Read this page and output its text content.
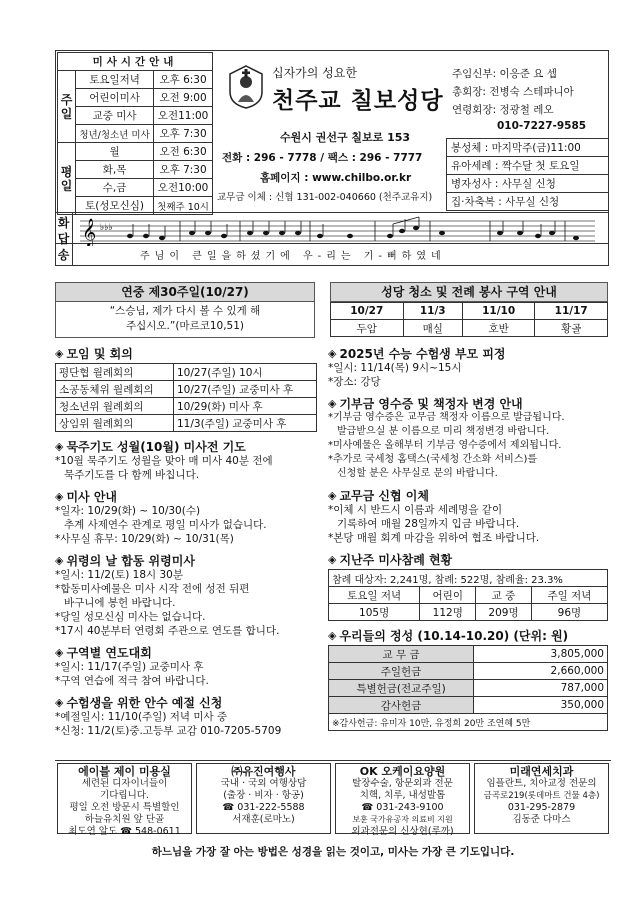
미사시간안내		
주일	토요일저녁	오후 6:30
	어린이미사	오전 9:00
	교중 미사	오전11:00
	청년/청소년 미사	오후 7:30
평일	월	오전 6:30
	화,목	오후 7:30
	수,금	오전10:00
	토(성모신심)	첫째주 10시
십자가의 성요한
천주교 칠보성당
수원시 권선구 칠보로 153
전화 : 296 - 7778 / 팩스 : 296 - 7777
홈페이지 : www.chilbo.or.kr
교무금 이체 : 신협 131-002-040660 (천주교유지)
주임신부: 이응준 요 셉
총회장: 전병숙 스테파니아
연령회장: 정광철 레오
010-7227-9585
봉성체 : 마지막주(금)11:00
유아세례 : 짝수달 첫 토요일
병자성사 : 사무실 신청
집·차축복 : 사무실 신청
화답송
𝄞 ♭♭♭
주님이 큰일을하셨기에 우-리는 기-뻐하였네
연중 제30주일(10/27)
“스승님, 제가 다시 볼 수 있게 해
주십시오.”(마르코10,51)
성당 청소 및 전례 봉사 구역 안내
10/27	11/3	11/10	11/17
두암	매실	호반	황골
◈ 모임 및 회의
평단협 월례회의	10/27(주일) 10시
소공동체위 월례회의	10/27(주일) 교중미사 후
청소년위 월례회의	10/29(화) 미사 후
상임위 월례회의	11/3(주일) 교중미사 후
◈ 묵주기도 성월(10월) 미사전 기도
*10월 묵주기도 성월을 맞아 매 미사 40분 전에
묵주기도를 다 함께 바칩니다.
◈ 미사 안내
*일자: 10/29(화) ~ 10/30(수)
추계 사제연수 관계로 평일 미사가 없습니다.
*사무실 휴무: 10/29(화) ~ 10/31(목)
◈ 위령의 날 합동 위령미사
*일시: 11/2(토) 18시 30분
*합동미사예물은 미사 시작 전에 성전 뒤편
바구니에 봉헌 바랍니다.
*당일 성모신심 미사는 없습니다.
*17시 40분부터 연령회 주관으로 연도를 합니다.
◈ 구역별 연도대회
*일시: 11/17(주일) 교중미사 후
*구역 연습에 적극 참여 바랍니다.
◈ 수험생을 위한 안수 예절 신청
*예절일시: 11/10(주일) 저녁 미사 중
*신청: 11/2(토)중.고등부 교감 010-7205-5709
◈ 2025년 수능 수험생 부모 피정
*일시: 11/14(목) 9시~15시
*장소: 강당
◈ 기부금 영수증 및 책정자 변경 안내
*기부금 영수증은 교무금 책정자 이름으로 발급됩니다.
발급받으실 분 이름으로 미리 책정변경 바랍니다.
*미사예물은 올해부터 기부금 영수증에서 제외됩니다.
*추가로 국세청 홈택스(국세청 간소화 서비스)를
신청할 분은 사무실로 문의 바랍니다.
◈ 교무금 신협 이체
*이체 시 반드시 이름과 세례명을 같이
기록하여 매월 28일까지 입금 바랍니다.
*본당 매월 회계 마감을 위하여 협조 바랍니다.
◈ 지난주 미사참례 현황
참례 대상자: 2,241명, 참례: 522명, 참례율: 23.3%			
토요일 저녁	어린이	교 중	주일 저녁
105명	112명	209명	96명
◈ 우리들의 정성 (10.14-10.20) (단위: 원)
교 무 금	3,805,000
주일헌금	2,660,000
특별헌금(전교주일)	787,000
감사헌금	350,000
※감사헌금: 유미자 10만, 유정희 20만 조연혜 5만	
에이블 제이 미용실
세련된 디자이너들이
기다립니다.
평일 오전 방문시 특별할인
하늘유치원 앞 단골
최도연 알도 ☎ 548-0611
㈜유진여행사
국내 · 국외 여행상담
(출장 · 비자 · 항공)
☎ 031-222-5588
서재훈(로마노)
OK 오케이요양원
탈장수술, 항문외과 전문
치핵, 치루, 내성발톱
☎ 031-243-9100
보훈 국가유공자 의료비 지원
외과전문의 신상현(루까)
미래연세치과
임플란트, 치아교정 전문의
금곡로219(롯데마트 건물 4층)
031-295-2879
김동준 다마스
하느님을 가장 잘 아는 방법은 성경을 읽는 것이고, 미사는 가장 큰 기도입니다.
